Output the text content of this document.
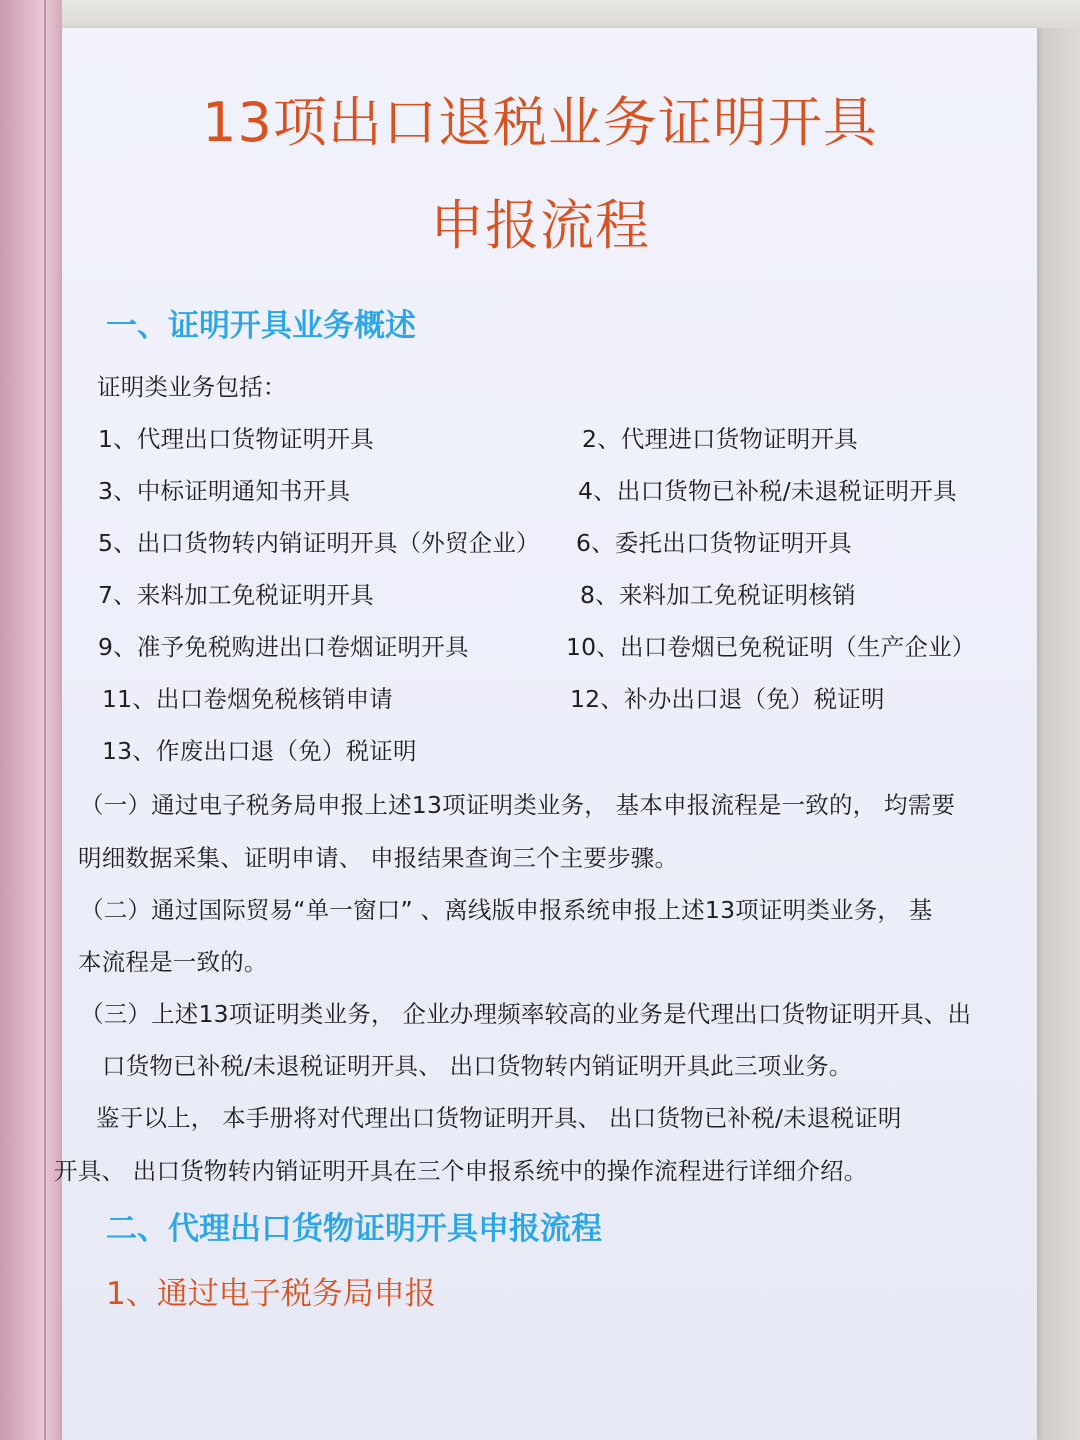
13项出口退税业务证明开具
申报流程
一、证明开具业务概述
证明类业务包括：
1、代理出口货物证明开具	2、代理进口货物证明开具
3、中标证明通知书开具	4、出口货物已补税/未退税证明开具
5、出口货物转内销证明开具（外贸企业） 6、委托出口货物证明开具
7、来料加工免税证明开具	8、来料加工免税证明核销
9、准予免税购进出口卷烟证明开具	10、出口卷烟已免税证明（生产企业）
11、出口卷烟免税核销申请	12、补办出口退（免）税证明
13、作废出口退（免）税证明
（一）通过电子税务局申报上述13项证明类业务， 基本申报流程是一致的， 均需要
明细数据采集、证明申请、 申报结果查询三个主要步骤。
（二）通过国际贸易“单一窗口” 、离线版申报系统申报上述13项证明类业务， 基
本流程是一致的。
（三）上述13项证明类业务， 企业办理频率较高的业务是代理出口货物证明开具、出
口货物已补税/未退税证明开具、 出口货物转内销证明开具此三项业务。
鉴于以上， 本手册将对代理出口货物证明开具、 出口货物已补税/未退税证明
开具、 出口货物转内销证明开具在三个申报系统中的操作流程进行详细介绍。
二、代理出口货物证明开具申报流程
1、通过电子税务局申报
